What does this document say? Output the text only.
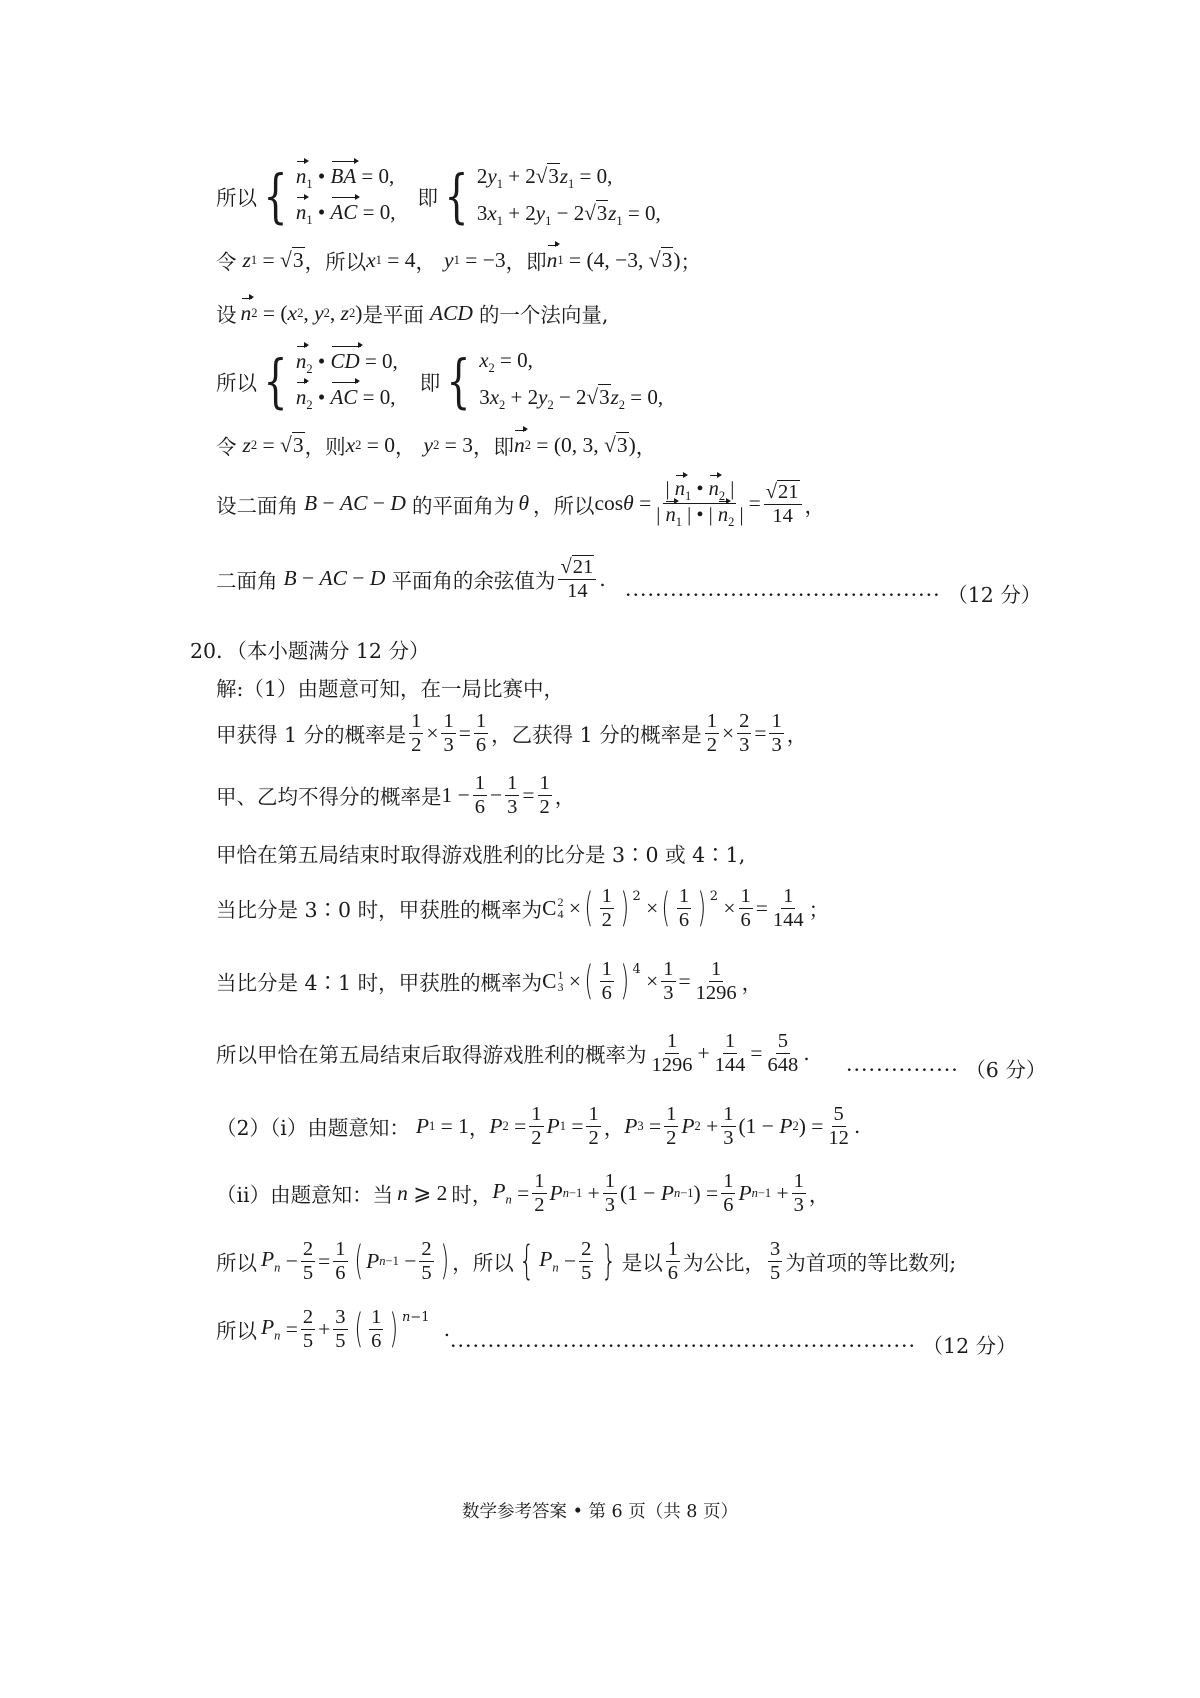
所以 { $n_1$ • BA = 0,
$n_1$ • AC = 0,
即 { $2y_1 + 2√$ 3 $z_1 = 0$,
$3x_1 + 2y_1 - 2√$ 3 $z_1 = 0$,
令 z 1 = √ 3 ，所以 x 1 = 4 ， y 1 = −3 ，即 n 1 = (4, −3, √ 3 ) ；
设 n 2 = ( x 2 , y 2 , z 2 ) 是平面 ACD 的一个法向量,
所以 { $n_2$ • CD = 0,
$n_2$ • AC = 0,
即 { $x_2 = 0$,
$3x_2 + 2y_2 - 2√$ 3 $z_2 = 0$,
令 z 2 = √ 3 ，则 x 2 = 0 ， y 2 = 3 ，即 n 2 = (0, 3, √ 3 ) ，
设二面角 B − AC − D 的平面角为 θ ，所以 $\cos \theta = \frac{| n_1 • n_2 |}{| n_1 | • | n_2 |} = \frac{√ 21}{14}$ ，
二面角 B − AC − D 平面角的余弦值为 $\frac{√ 21}{14}$ .
·········································· （12 分）
20．（本小题满分 12 分）
解:（1）由题意可知，在一局比赛中，
甲获得 1 分的概率是 $\frac{1}{2} \times \frac{1}{3} = \frac{1}{6}$ ，乙获得 1 分的概率是 $\frac{1}{2} \times \frac{2}{3} = \frac{1}{3}$ ，
甲、乙均不得分的概率是 $1 - \frac{1}{6} - \frac{1}{3} = \frac{1}{2}$ ，
甲恰在第五局结束时取得游戏胜利的比分是 3∶0 或 4∶1,
当比分是 3∶0 时，甲获胜的概率为 C 2
4 × ( $\frac{1}{2}$ ) 2 × ( $\frac{1}{6}$ ) $2 \times \frac{1}{6} = \frac{1}{144}$ ；
当比分是 4∶1 时，甲获胜的概率为 C 1
3 × ( $\frac{1}{6}$ ) $4 \times \frac{1}{3} = \frac{1}{1296}$ ，
所以甲恰在第五局结束后取得游戏胜利的概率为 $\frac{1}{1296} + \frac{1}{144} = \frac{5}{648}$ .
··············· （6 分）
（2）（ⅰ）由题意知： P 1 = 1 ， P $2 = \frac{1}{2}$ P $1 = \frac{1}{2}$ ， P $3 = \frac{1}{2}$ P $2 + \frac{1}{3} (1 - P$ 2 ) = $\frac{5}{12}$ .
（ⅱ）由题意知：当 n ⩾ 2 时， $P_n = \frac{1}{2}$ P $n-1 + \frac{1}{3} (1 - P$ n−1 ) = $\frac{1}{6}$ P $n-1 + \frac{1}{3}$ ，
所以 $P_n - \frac{2}{5} = \frac{1}{6}$ ( P $n-1 - \frac{2}{5}$ ) ，所以 { $P_n - \frac{2}{5}$ } 是以 $\frac{1}{6}$ 为公比， $\frac{3}{5}$ 为首项的等比数列;
所以 $P_n = \frac{2}{5} + \frac{3}{5}$ ( $\frac{1}{6}$ ) n−1 .
······························································ （12 分）
数学参考答案 • 第 6 页（共 8 页）
